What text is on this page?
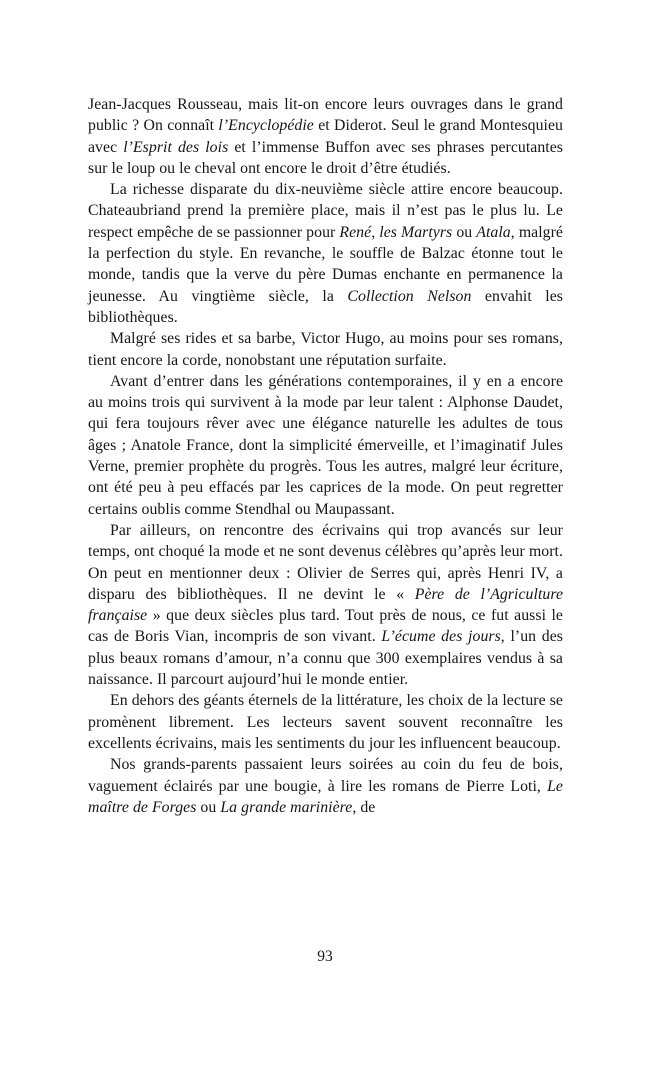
Jean-Jacques Rousseau, mais lit-on encore leurs ouvrages dans le grand public ? On connaît l’Encyclopédie et Diderot. Seul le grand Montesquieu avec l’Esprit des lois et l’immense Buffon avec ses phrases percutantes sur le loup ou le cheval ont encore le droit d’être étudiés.

La richesse disparate du dix-neuvième siècle attire encore beaucoup. Chateaubriand prend la première place, mais il n’est pas le plus lu. Le respect empêche de se passionner pour René, les Martyrs ou Atala, malgré la perfection du style. En revanche, le souffle de Balzac étonne tout le monde, tandis que la verve du père Dumas enchante en permanence la jeunesse. Au vingtième siècle, la Collection Nelson envahit les bibliothèques.

Malgré ses rides et sa barbe, Victor Hugo, au moins pour ses romans, tient encore la corde, nonobstant une réputation surfaite.

Avant d’entrer dans les générations contemporaines, il y en a encore au moins trois qui survivent à la mode par leur talent : Alphonse Daudet, qui fera toujours rêver avec une élégance naturelle les adultes de tous âges ; Anatole France, dont la simplicité émerveille, et l’imaginatif Jules Verne, premier prophète du progrès. Tous les autres, malgré leur écriture, ont été peu à peu effacés par les caprices de la mode. On peut regretter certains oublis comme Stendhal ou Maupassant.

Par ailleurs, on rencontre des écrivains qui trop avancés sur leur temps, ont choqué la mode et ne sont devenus célèbres qu’après leur mort. On peut en mentionner deux : Olivier de Serres qui, après Henri IV, a disparu des bibliothèques. Il ne devint le « Père de l’Agriculture française » que deux siècles plus tard. Tout près de nous, ce fut aussi le cas de Boris Vian, incompris de son vivant. L’écume des jours, l’un des plus beaux romans d’amour, n’a connu que 300 exemplaires vendus à sa naissance. Il parcourt aujourd’hui le monde entier.

En dehors des géants éternels de la littérature, les choix de la lecture se promènent librement. Les lecteurs savent souvent reconnaître les excellents écrivains, mais les sentiments du jour les influencent beaucoup.

Nos grands-parents passaient leurs soirées au coin du feu de bois, vaguement éclairés par une bougie, à lire les romans de Pierre Loti, Le maître de Forges ou La grande marinière, de

93
